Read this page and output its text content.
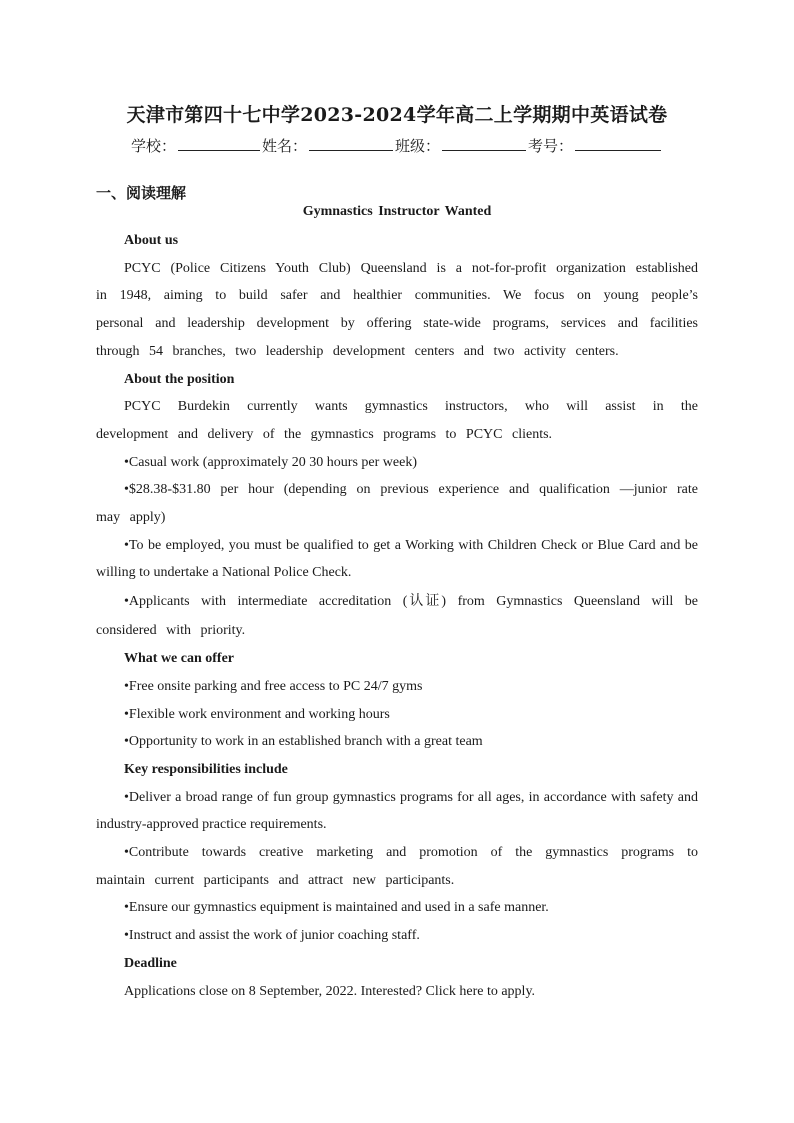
天津市第四十七中学2023-2024学年高二上学期期中英语试卷
学校：	姓名：	班级：	考号：
一、阅读理解
Gymnastics Instructor Wanted

About us

PCYC (Police Citizens Youth Club) Queensland is a not-for-profit organization established in 1948, aiming to build safer and healthier communities. We focus on young people’s personal and leadership development by offering state-wide programs, services and facilities through 54 branches, two leadership development centers and two activity centers.

About the position

PCYC Burdekin currently wants gymnastics instructors, who will assist in the development and delivery of the gymnastics programs to PCYC clients.

•Casual work (approximately 20 30 hours per week)

•$28.38-$31.80 per hour (depending on previous experience and qualification —junior rate may apply)

•To be employed, you must be qualified to get a Working with Children Check or Blue Card and be willing to undertake a National Police Check.

•Applicants with intermediate accreditation (认证) from Gymnastics Queensland will be considered with priority.

What we can offer

•Free onsite parking and free access to PC 24/7 gyms

•Flexible work environment and working hours

•Opportunity to work in an established branch with a great team

Key responsibilities include

•Deliver a broad range of fun group gymnastics programs for all ages, in accordance with safety and industry-approved practice requirements.

•Contribute towards creative marketing and promotion of the gymnastics programs to maintain current participants and attract new participants.

•Ensure our gymnastics equipment is maintained and used in a safe manner.

•Instruct and assist the work of junior coaching staff.

Deadline

Applications close on 8 September, 2022. Interested? Click here to apply.
